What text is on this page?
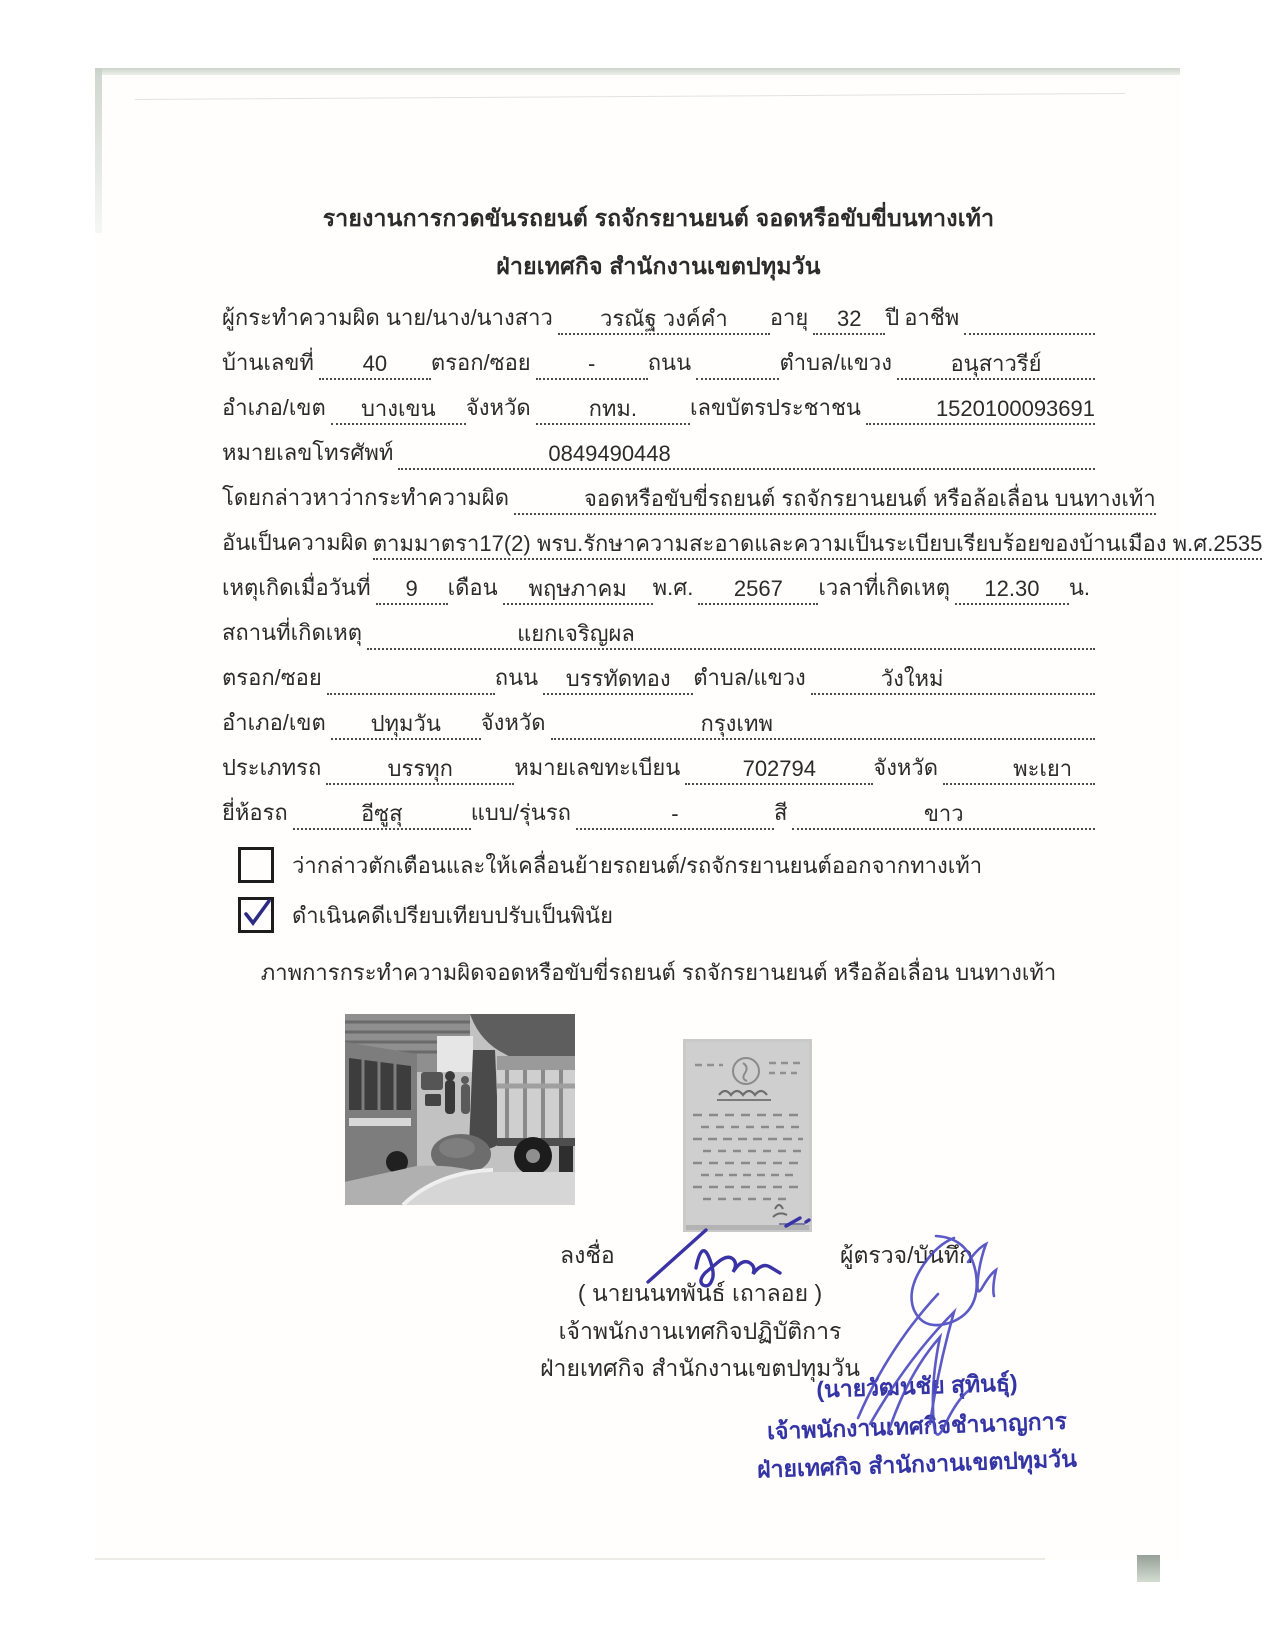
รายงานการกวดขันรถยนต์ รถจักรยานยนต์ จอดหรือขับขี่บนทางเท้า
ฝ่ายเทศกิจ สำนักงานเขตปทุมวัน
ผู้กระทำความผิด นาย/นาง/นางสาว	วรณัฐ วงค์คำ	อายุ	32	ปี อาชีพ
บ้านเลขที่	40	ตรอก/ซอย	-	ถนน	ตำบล/แขวง	อนุสาวรีย์
อำเภอ/เขต	บางเขน	จังหวัด	กทม.	เลขบัตรประชาชน	1520100093691
หมายเลขโทรศัพท์	0849490448
โดยกล่าวหาว่ากระทำความผิด	จอดหรือขับขี่รถยนต์ รถจักรยานยนต์ หรือล้อเลื่อน บนทางเท้า
อันเป็นความผิด ตามมาตรา17(2) พรบ.รักษาความสะอาดและความเป็นระเบียบเรียบร้อยของบ้านเมือง พ.ศ.2535
เหตุเกิดเมื่อวันที่	9	เดือน	พฤษภาคม	พ.ศ.	2567	เวลาที่เกิดเหตุ	12.30	น.
สถานที่เกิดเหตุ	แยกเจริญผล
ตรอก/ซอย	ถนน	บรรทัดทอง	ตำบล/แขวง	วังใหม่
อำเภอ/เขต	ปทุมวัน	จังหวัด	กรุงเทพ
ประเภทรถ	บรรทุก	หมายเลขทะเบียน	702794	จังหวัด	พะเยา
ยี่ห้อรถ	อีซูสุ	แบบ/รุ่นรถ	-	สี	ขาว
ว่ากล่าวตักเตือนและให้เคลื่อนย้ายรถยนต์/รถจักรยานยนต์ออกจากทางเท้า
ดำเนินคดีเปรียบเทียบปรับเป็นพินัย
ภาพการกระทำความผิดจอดหรือขับขี่รถยนต์ รถจักรยานยนต์ หรือล้อเลื่อน บนทางเท้า
ลงชื่อ	ผู้ตรวจ/บันทึก
( นายนนทพันธ์ เถาลอย )
เจ้าพนักงานเทศกิจปฏิบัติการ
ฝ่ายเทศกิจ สำนักงานเขตปทุมวัน
(นายวัฒนชัย สุทินธุ์)
เจ้าพนักงานเทศกิจชำนาญการ
ฝ่ายเทศกิจ สำนักงานเขตปทุมวัน
